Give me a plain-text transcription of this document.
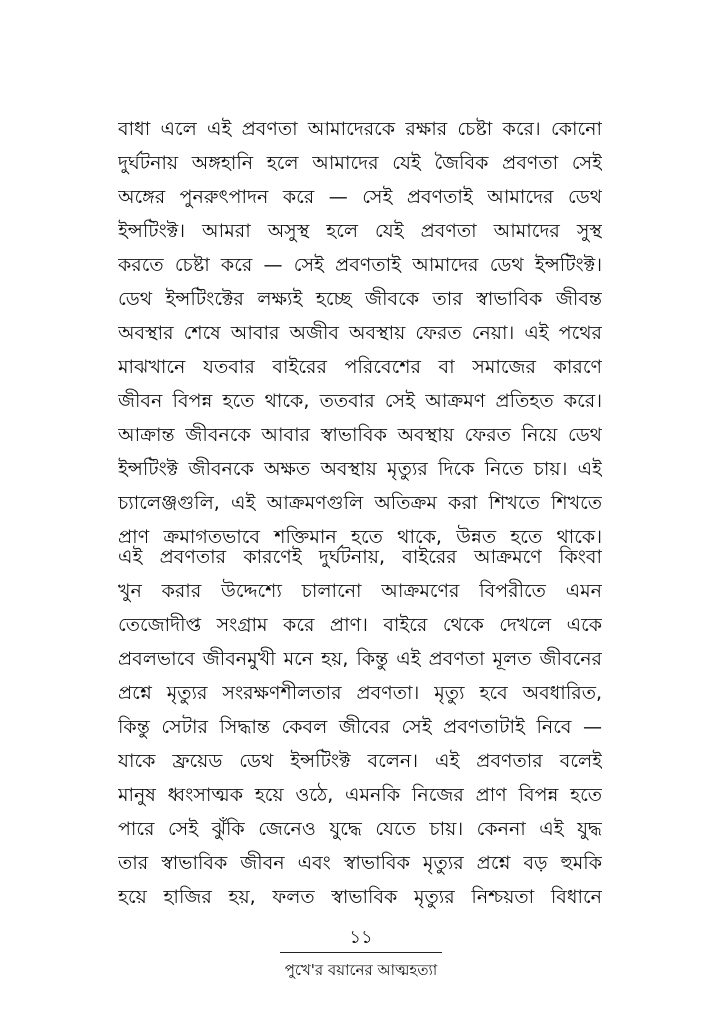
বাধা এলে এই প্রবণতা আমাদেরকে রক্ষার চেষ্টা করে। কোনো
দুর্ঘটনায় অঙ্গহানি হলে আমাদের যেই জৈবিক প্রবণতা সেই
অঙ্গের পুনরুৎপাদন করে — সেই প্রবণতাই আমাদের ডেথ
ইন্সটিংক্ট। আমরা অসুস্থ হলে যেই প্রবণতা আমাদের সুস্থ
করতে চেষ্টা করে — সেই প্রবণতাই আমাদের ডেথ ইন্সটিংক্ট।
ডেথ ইন্সটিংক্টের লক্ষ্যই হচ্ছে জীবকে তার স্বাভাবিক জীবন্ত
অবস্থার শেষে আবার অজীব অবস্থায় ফেরত নেয়া। এই পথের
মাঝখানে যতবার বাইরের পরিবেশের বা সমাজের কারণে
জীবন বিপন্ন হতে থাকে, ততবার সেই আক্রমণ প্রতিহত করে।
আক্রান্ত জীবনকে আবার স্বাভাবিক অবস্থায় ফেরত নিয়ে ডেথ
ইন্সটিংক্ট জীবনকে অক্ষত অবস্থায় মৃত্যুর দিকে নিতে চায়। এই
চ্যালেঞ্জগুলি, এই আক্রমণগুলি অতিক্রম করা শিখতে শিখতে
প্রাণ ক্রমাগতভাবে শক্তিমান হতে থাকে, উন্নত হতে থাকে।
এই প্রবণতার কারণেই দুর্ঘটনায়, বাইরের আক্রমণে কিংবা
খুন করার উদ্দেশ্যে চালানো আক্রমণের বিপরীতে এমন
তেজোদীপ্ত সংগ্রাম করে প্রাণ। বাইরে থেকে দেখলে একে
প্রবলভাবে জীবনমুখী মনে হয়, কিন্তু এই প্রবণতা মূলত জীবনের
প্রশ্নে মৃত্যুর সংরক্ষণশীলতার প্রবণতা। মৃত্যু হবে অবধারিত,
কিন্তু সেটার সিদ্ধান্ত কেবল জীবের সেই প্রবণতাটাই নিবে —
যাকে ফ্রয়েড ডেথ ইন্সটিংক্ট বলেন। এই প্রবণতার বলেই
মানুষ ধ্বংসাত্মক হয়ে ওঠে, এমনকি নিজের প্রাণ বিপন্ন হতে
পারে সেই ঝুঁকি জেনেও যুদ্ধে যেতে চায়। কেননা এই যুদ্ধ
তার স্বাভাবিক জীবন এবং স্বাভাবিক মৃত্যুর প্রশ্নে বড় হুমকি
হয়ে হাজির হয়, ফলত স্বাভাবিক মৃত্যুর নিশ্চয়তা বিধানে
১১
পুখে'র বয়ানের আত্মহত্যা
